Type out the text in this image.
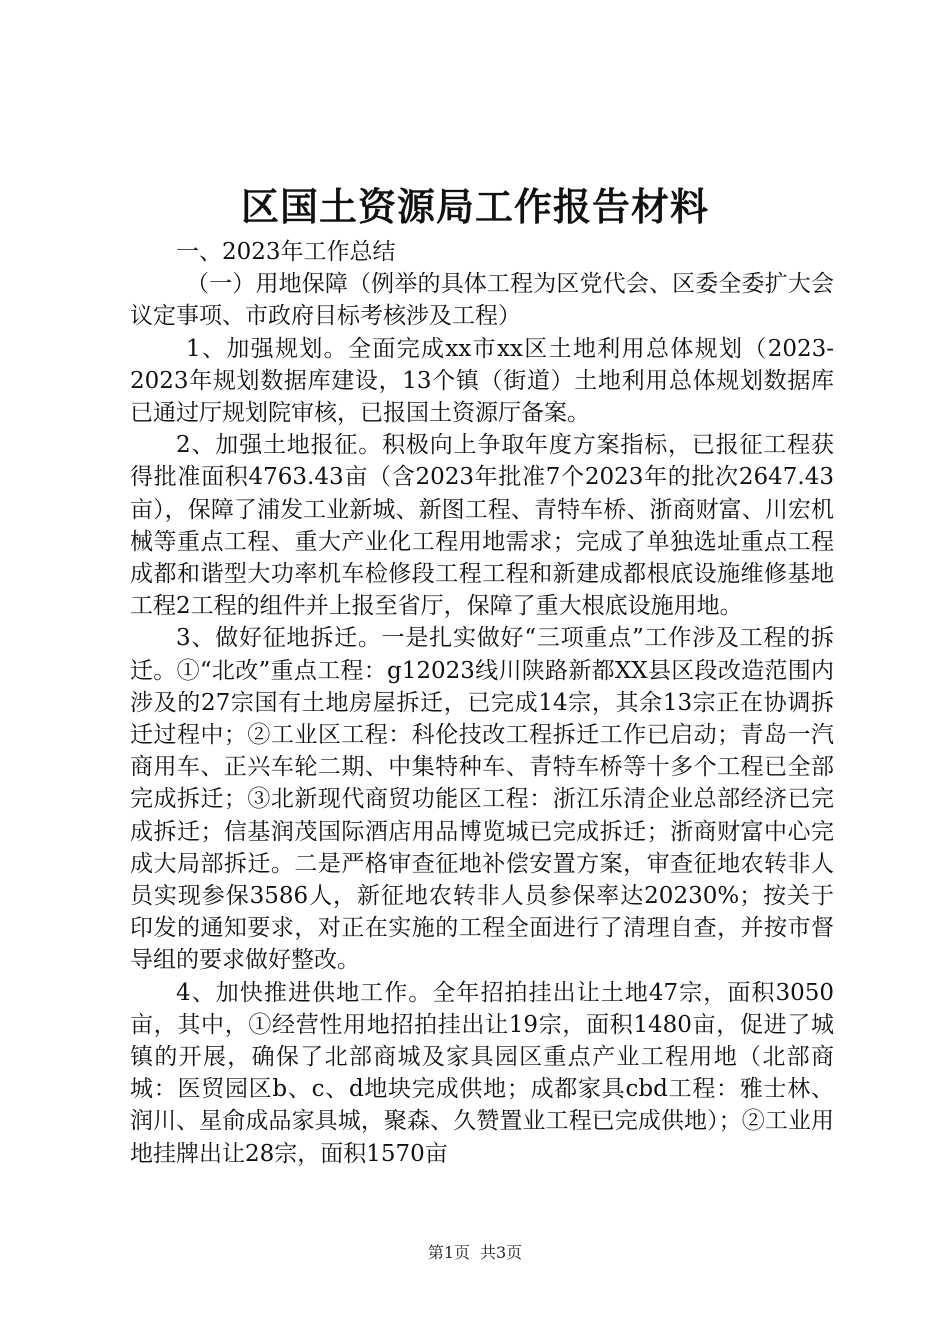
区国土资源局工作报告材料

一、2023年工作总结

（一）用地保障（例举的具体工程为区党代会、区委全委扩大会议定事项、市政府目标考核涉及工程）

1、加强规划。全面完成xx市xx区土地利用总体规划（2023-2023年规划数据库建设，13个镇（街道）土地利用总体规划数据库已通过厅规划院审核，已报国土资源厅备案。

2、加强土地报征。积极向上争取年度方案指标，已报征工程获得批准面积4763.43亩（含2023年批准7个2023年的批次2647.43亩），保障了浦发工业新城、新图工程、青特车桥、浙商财富、川宏机械等重点工程、重大产业化工程用地需求；完成了单独选址重点工程成都和谐型大功率机车检修段工程工程和新建成都根底设施维修基地工程2工程的组件并上报至省厅，保障了重大根底设施用地。

3、做好征地拆迁。一是扎实做好“三项重点”工作涉及工程的拆迁。①“北改”重点工程：g12023线川陕路新都XX县区段改造范围内涉及的27宗国有土地房屋拆迁，已完成14宗，其余13宗正在协调拆迁过程中；②工业区工程：科伦技改工程拆迁工作已启动；青岛一汽商用车、正兴车轮二期、中集特种车、青特车桥等十多个工程已全部完成拆迁；③北新现代商贸功能区工程：浙江乐清企业总部经济已完成拆迁；信基润茂国际酒店用品博览城已完成拆迁；浙商财富中心完成大局部拆迁。二是严格审查征地补偿安置方案，审查征地农转非人员实现参保3586人，新征地农转非人员参保率达20230%；按关于印发的通知要求，对正在实施的工程全面进行了清理自查，并按市督导组的要求做好整改。

4、加快推进供地工作。全年招拍挂出让土地47宗，面积3050亩，其中，①经营性用地招拍挂出让19宗，面积1480亩，促进了城镇的开展，确保了北部商城及家具园区重点产业工程用地（北部商城：医贸园区b、c、d地块完成供地；成都家具cbd工程：雅士林、润川、星俞成品家具城，聚森、久赞置业工程已完成供地）；②工业用地挂牌出让28宗，面积1570亩

第1页 共3页
